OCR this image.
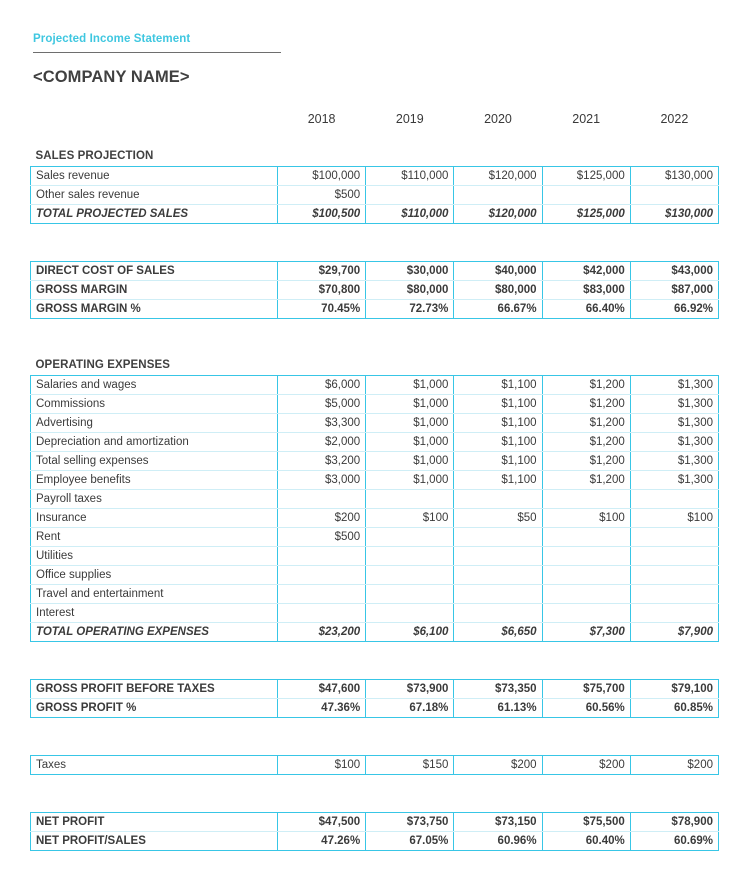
Projected Income Statement
<COMPANY NAME>

	2018	2019	2020	2021	2022

SALES PROJECTION					
Sales revenue	$100,000	$110,000	$120,000	$125,000	$130,000
Other sales revenue	$500				
TOTAL PROJECTED SALES	$100,500	$110,000	$120,000	$125,000	$130,000

DIRECT COST OF SALES	$29,700	$30,000	$40,000	$42,000	$43,000
GROSS MARGIN	$70,800	$80,000	$80,000	$83,000	$87,000
GROSS MARGIN %	70.45%	72.73%	66.67%	66.40%	66.92%

OPERATING EXPENSES					
Salaries and wages	$6,000	$1,000	$1,100	$1,200	$1,300
Commissions	$5,000	$1,000	$1,100	$1,200	$1,300
Advertising	$3,300	$1,000	$1,100	$1,200	$1,300
Depreciation and amortization	$2,000	$1,000	$1,100	$1,200	$1,300
Total selling expenses	$3,200	$1,000	$1,100	$1,200	$1,300
Employee benefits	$3,000	$1,000	$1,100	$1,200	$1,300
Payroll taxes					
Insurance	$200	$100	$50	$100	$100
Rent	$500				
Utilities					
Office supplies					
Travel and entertainment					
Interest					
TOTAL OPERATING EXPENSES	$23,200	$6,100	$6,650	$7,300	$7,900

GROSS PROFIT BEFORE TAXES	$47,600	$73,900	$73,350	$75,700	$79,100
GROSS PROFIT %	47.36%	67.18%	61.13%	60.56%	60.85%

Taxes	$100	$150	$200	$200	$200

NET PROFIT	$47,500	$73,750	$73,150	$75,500	$78,900
NET PROFIT/SALES	47.26%	67.05%	60.96%	60.40%	60.69%
